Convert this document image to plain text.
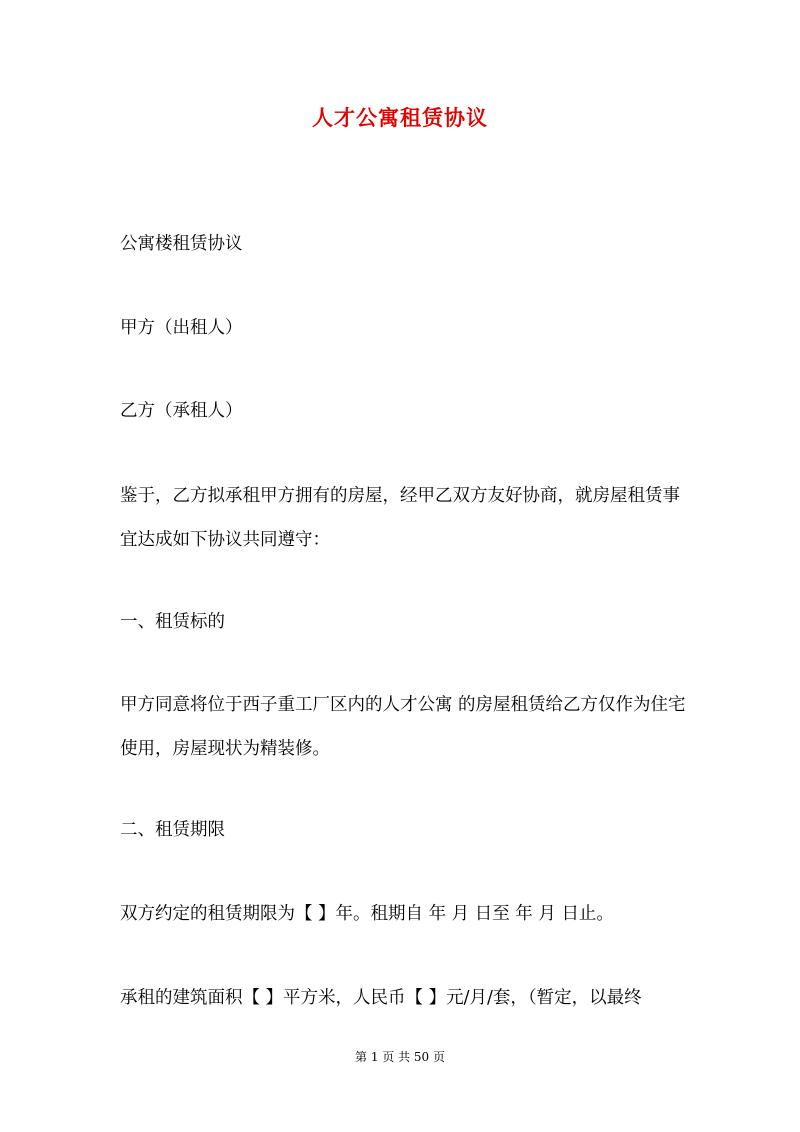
人才公寓租赁协议
公寓楼租赁协议
甲方（出租人）
乙方（承租人）
鉴于，乙方拟承租甲方拥有的房屋，经甲乙双方友好协商，就房屋租赁事宜达成如下协议共同遵守：
一、租赁标的
甲方同意将位于西子重工厂区内的人才公寓 的房屋租赁给乙方仅作为住宅使用，房屋现状为精装修。
二、租赁期限
双方约定的租赁期限为【 】年。租期自 年 月 日至 年 月 日止。
承租的建筑面积【 】平方米，人民币【 】元/月/套，（暂定，以最终
第 1 页 共 50 页
